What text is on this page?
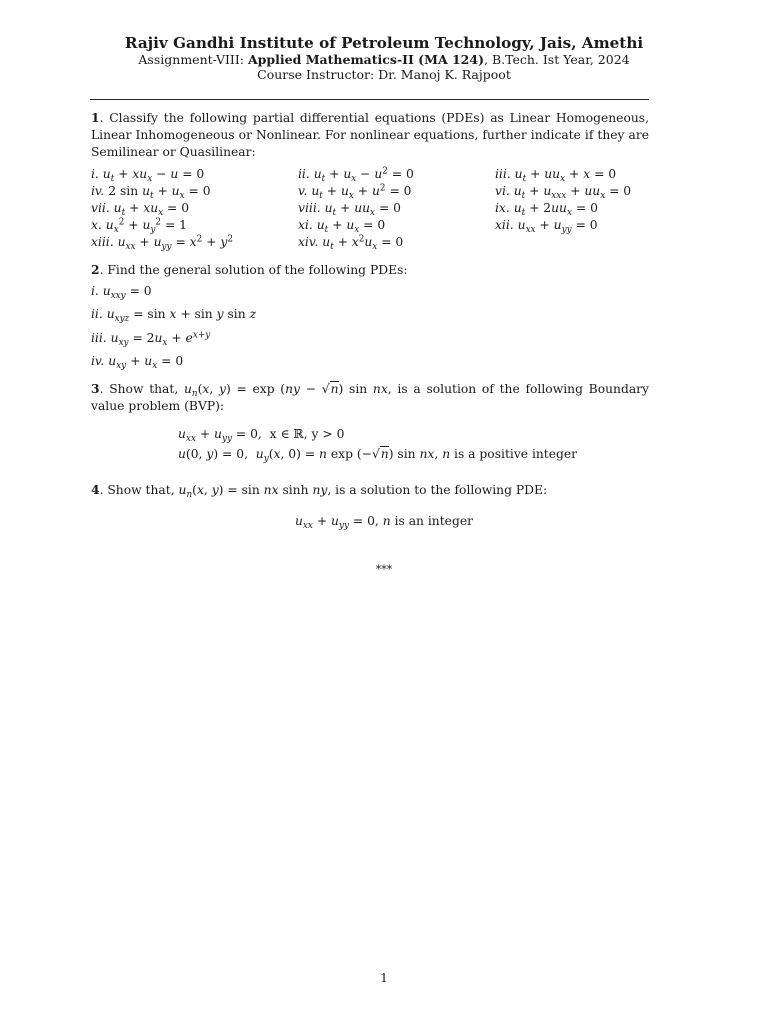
Rajiv Gandhi Institute of Petroleum Technology, Jais, Amethi
Assignment-VIII: Applied Mathematics-II (MA 124), B.Tech. Ist Year, 2024
Course Instructor: Dr. Manoj K. Rajpoot
1. Classify the following partial differential equations (PDEs) as Linear Homogeneous, Linear Inhomogeneous or Nonlinear. For nonlinear equations, further indicate if they are Semilinear or Quasilinear:
i. $u_t + xu_x - u = 0$	ii. $u_t + u_x - u^2 = 0$	iii. $u_t + uu_x + x = 0$
iv. 2 $\sin u_t + u_x = 0$	v. $u_t + u_x + u^2 = 0$	vi. $u_t + u_{xxx} + uu_x = 0$
vii. $u_t + xu_x = 0$	viii. $u_t + uu_x = 0$	ix. $u_t + 2uu_x = 0$
x. $u_x^2 + u_y^2 = 1$	xi. $u_t + u_x = 0$	xii. $u_{xx} + u_{yy} = 0$
xiii. $u_{xx} + u_{yy} = x^2 + y^2$	xiv. $u_t + x^2u_x = 0$
2. Find the general solution of the following PDEs:
i. $u_{xxy} = 0$
ii. $u_{xyz} = \sin x + \sin y$ sin z
iii. $u_{xy} = 2u_x + e^{x+y}$
iv. $u_{xy} + u_x = 0$
3. Show that, $u_n(x$, y) = exp (ny − √n) sin nx, is a solution of the following Boundary value problem (BVP):
$u_{xx} + u_{yy} = 0$,  x ∈ ℝ, y > 0
u(0, y) = 0,  $u_y(x$, 0) = n exp (−√n) sin nx, n is a positive integer
4. Show that, $u_n(x$, y) = sin nx sinh ny, is a solution to the following PDE:
$u_{xx} + u_{yy} = 0$, n is an integer
***
1
